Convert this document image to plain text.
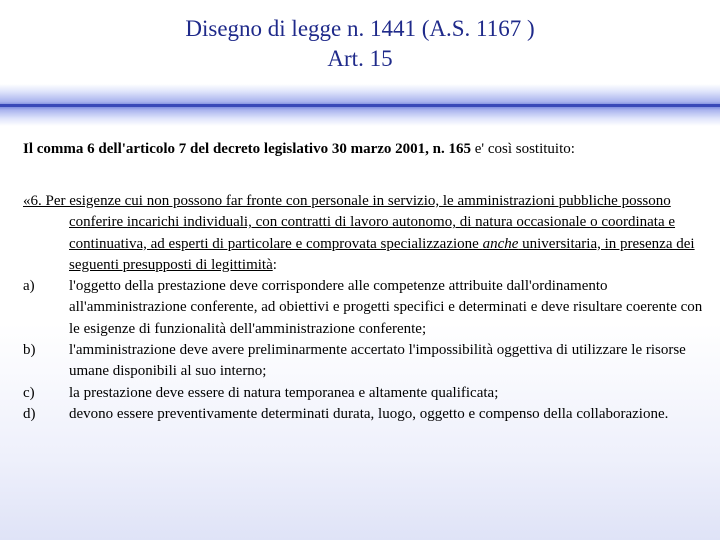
Disegno di legge n. 1441 (A.S. 1167 )
Art. 15
Il comma 6 dell'articolo 7 del decreto legislativo 30 marzo 2001, n. 165 e' così sostituito:

«6. Per esigenze cui non possono far fronte con personale in servizio, le amministrazioni pubbliche possono conferire incarichi individuali, con contratti di lavoro autonomo, di natura occasionale o coordinata e continuativa, ad esperti di particolare e comprovata specializzazione anche universitaria, in presenza dei seguenti presupposti di legittimità:

a)	l'oggetto della prestazione deve corrispondere alle competenze attribuite dall'ordinamento all'amministrazione conferente, ad obiettivi e progetti specifici e determinati e deve risultare coerente con le esigenze di funzionalità dell'amministrazione conferente;
b)	l'amministrazione deve avere preliminarmente accertato l'impossibilità oggettiva di utilizzare le risorse umane disponibili al suo interno;
c)	la prestazione deve essere di natura temporanea e altamente qualificata;
d)	devono essere preventivamente determinati durata, luogo, oggetto e compenso della collaborazione.
